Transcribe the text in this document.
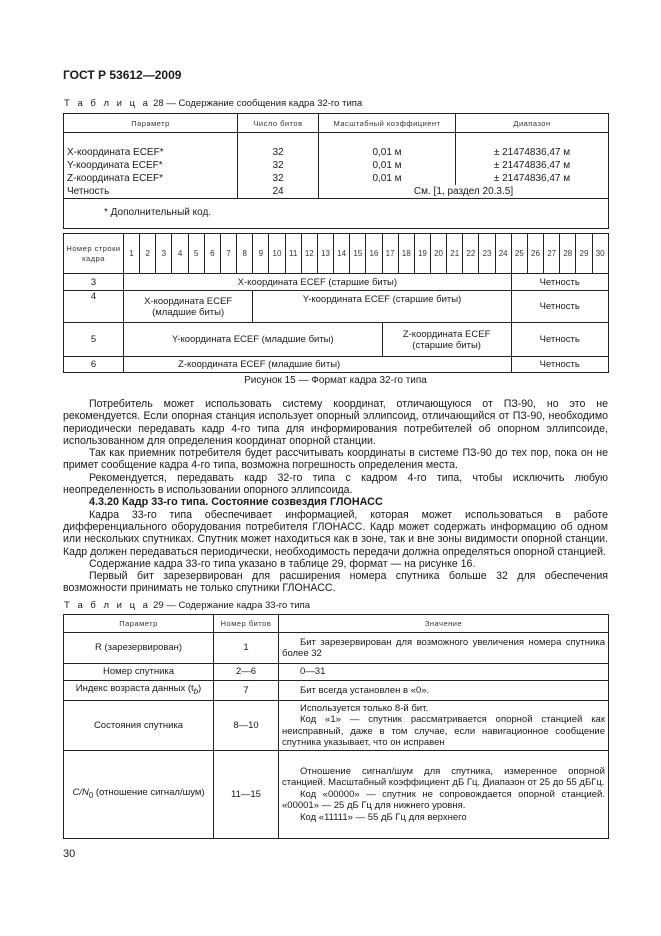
ГОСТ Р 53612—2009
Т а б л и ц а 28 — Содержание сообщения кадра 32-го типа
Параметр	Число битов	Масштабный коэффициент	Диапазон

X-координата ECEF*	32	0,01 м	± 21474836,47 м
Y-координата ECEF*	32	0,01 м	± 21474836,47 м
Z-координата ECEF*	32	0,01 м	± 21474836,47 м
Четность	24	См. [1, раздел 20.3.5]	
* Дополнительный код.			
Номер строки кадра	1	2	3	4	5	6	7	8	9	10	11	12	13	14	15	16	17	18	19	20	21	22	23	24	25	26	27	28	29	30
3	X-координата ECEF (старшие биты)																								Четность					
4	X-координата ECEF (младшие биты)								Y-координата ECEF (старшие биты)																Четность					
5	Y-координата ECEF (младшие биты)																Z-координата ECEF (старшие биты)								Четность					
6	Z-координата ECEF (младшие биты)																								Четность					
Рисунок 15 — Формат кадра 32-го типа

Потребитель может использовать систему координат, отличающуюся от ПЗ-90, но это не рекомендуется. Если опорная станция использует опорный эллипсоид, отличающийся от ПЗ-90, необходимо периодически передавать кадр 4-го типа для информирования потребителей об опорном эллипсоиде, использованном для определения координат опорной станции.

Так как приемник потребителя будет рассчитывать координаты в системе ПЗ-90 до тех пор, пока он не примет сообщение кадра 4-го типа, возможна погрешность определения места.

Рекомендуется, передавать кадр 32-го типа с кадром 4-го типа, чтобы исключить любую неопределенность в использовании опорного эллипсоида.

4.3.20 Кадр 33-го типа. Состояние созвездия ГЛОНАСС

Кадра 33-го типа обеспечивает информацией, которая может использоваться в работе дифференциального оборудования потребителя ГЛОНАСС. Кадр может содержать информацию об одном или нескольких спутниках. Спутник может находиться как в зоне, так и вне зоны видимости опорной станции. Кадр должен передаваться периодически, необходимость передачи должна определяться опорной станцией.

Содержание кадра 33-го типа указано в таблице 29, формат — на рисунке 16.

Первый бит зарезервирован для расширения номера спутника больше 32 для обеспечения возможности принимать не только спутники ГЛОНАСС.

Т а б л и ц а 29 — Содержание кадра 33-го типа
Параметр	Номер битов	Значение
R (зарезервирован)	1	Бит зарезервирован для возможного увеличения номера спутника более 32

Номер спутника	2—6	0—31

Индекс возраста данных $(t_b)$	7	Бит всегда установлен в «0».

Состояния спутника	8—10	Используется только 8-й бит.

Код «1» — спутник рассматривается опорной станцией как неисправный, даже в том случае, если навигационное сообщение спутника указывает, что он исправен

$C/N_0$ (отношение сигнал/шум)	11—15	Отношение сигнал/шум для спутника, измеренное опорной станцией. Масштабный коэффициент дБ Гц. Диапазон от 25 до 55 дБГц.

Код «00000» — спутник не сопровождается опорной станцией. «00001» — 25 дБ Гц для нижнего уровня.

Код «11111» — 55 дБ Гц для верхнего

30
